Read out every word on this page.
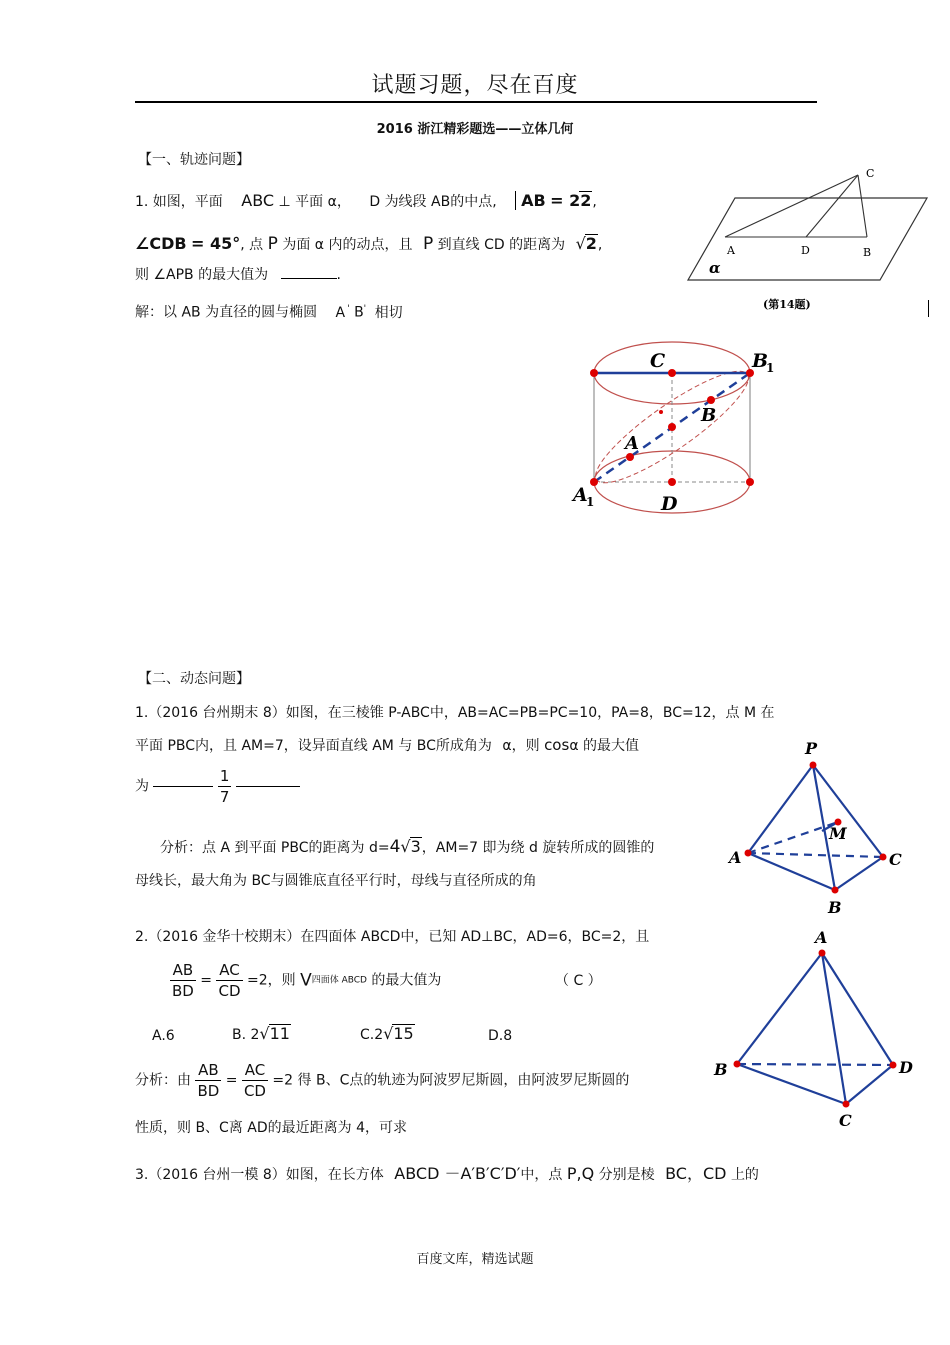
试题习题，尽在百度
2016 浙江精彩题选——立体几何
【一、轨迹问题】
1. 如图，平面 ABC ⊥ 平面 α， D 为线段 AB的中点, AB = 22,
∠CDB = 45°, 点 P 为面 α 内的动点，且 P 到直线 CD 的距离为 √2,
则 ∠APB 的最大值为	.
解：以 AB 为直径的圆与椭圆 A ' B' 相切
C
A	D	B
α
(第14题)
C	B
1
B
A
A
1	D
【二、动态问题】
1.（2016 台州期末 8）如图，在三棱锥 P-ABC中，AB=AC=PB=PC=10，PA=8，BC=12，点 M 在
平面 PBC内，且 AM=7，设异面直线 AM 与 BC所成角为 α，则 cosα 的最大值
为	$\frac{1}{7}$

分析：点 A 到平面 PBC的距离为 d=4√3，AM=7 即为绕 d 旋转所成的圆锥的
母线长，最大角为 BC与圆锥底直径平行时，母线与直径所成的角
P
M
A	C
B
2.（2016 金华十校期末）在四面体 ABCD中，已知 AD⊥BC，AD=6，BC=2，且
$\frac{AB}{BD} = \frac{AC}{CD} =2$，则 V四面体 ABCD 的最大值为	（ C ）
A.6	B. 2√11	C.2√15	D.8
分析：由 $\frac{AB}{BD} = \frac{AC}{CD} =2$ 得 B、C点的轨迹为阿波罗尼斯圆，由阿波罗尼斯圆的
性质，则 B、C离 AD的最近距离为 4，可求
A
B	D
C
3.（2016 台州一模 8）如图，在长方体 ABCD －A′B′C′D′中，点 P,Q 分别是棱 BC，CD 上的
百度文库，精选试题
